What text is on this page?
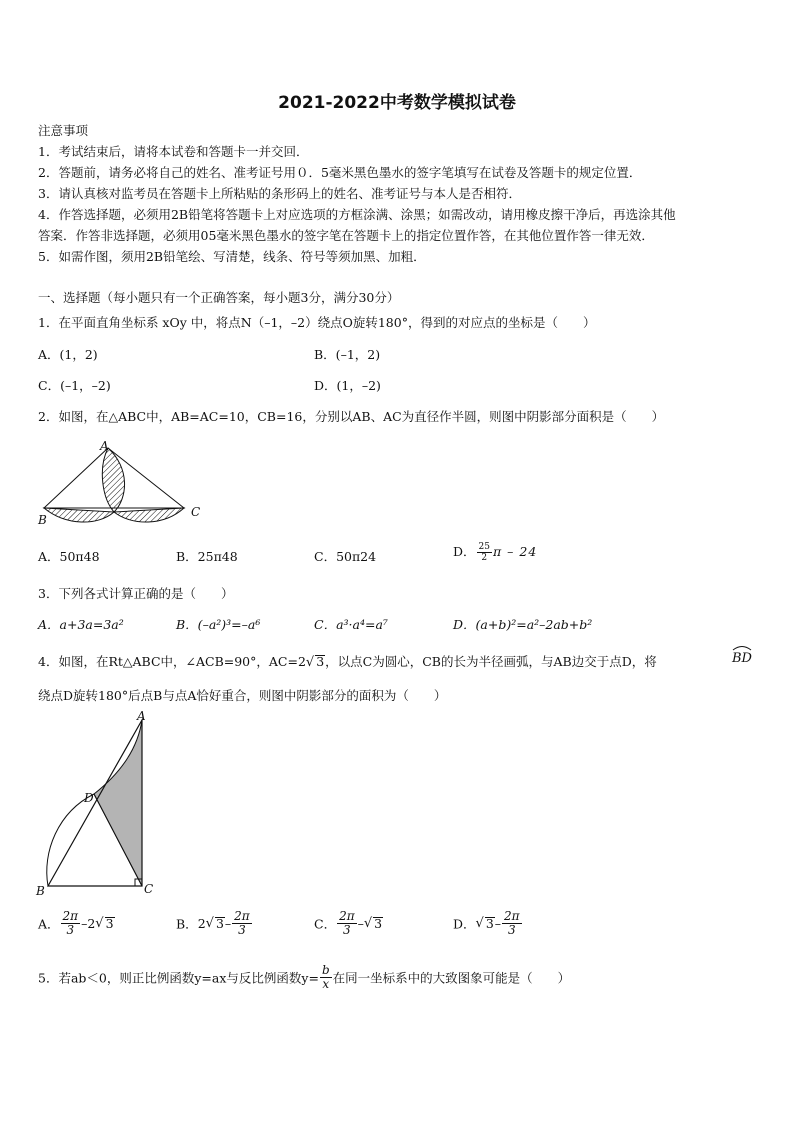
2021-2022中考数学模拟试卷
注意事项
1．考试结束后，请将本试卷和答题卡一并交回．
2．答题前，请务必将自己的姓名、准考证号用０．5毫米黑色墨水的签字笔填写在试卷及答题卡的规定位置．
3．请认真核对监考员在答题卡上所粘贴的条形码上的姓名、准考证号与本人是否相符．
4．作答选择题，必须用2B铅笔将答题卡上对应选项的方框涂满、涂黑；如需改动，请用橡皮擦干净后，再选涂其他
答案．作答非选择题，必须用05毫米黑色墨水的签字笔在答题卡上的指定位置作答，在其他位置作答一律无效．
5．如需作图，须用2B铅笔绘、写清楚，线条、符号等须加黑、加粗．
一、选择题（每小题只有一个正确答案，每小题3分，满分30分）
1．在平面直角坐标系 xOy 中，将点N（–1，–2）绕点O旋转180°，得到的对应点的坐标是（　　）
A．(1，2)	B．(–1，2)
C．(–1，–2)	D．(1，–2)
2．如图，在△ABC中，AB=AC=10，CB=16，分别以AB、AC为直径作半圆，则图中阴影部分面积是（　　）
A
B
C
A．50π48	B．25π48	C．50π24	D． $\frac{25}{2}$ π – 24
3．下列各式计算正确的是（　　）
A．a+3a=3a²	B．(–a²)³=–a⁶	C．a³·a⁴=a⁷	D．(a+b)²=a²–2ab+b²
4．如图，在Rt△ABC中，∠ACB=90°，AC=2√ 3，以点C为圆心，CB的长为半径画弧，与AB边交于点D，将	BD
绕点D旋转180°后点B与点A恰好重合，则图中阴影部分的面积为（　　）
A
D
B	C
A． $\frac{2\pi}{3} -2√$ 3	B．2√ $3- \frac{2\pi}{3}$	C． $\frac{2\pi}{3}$ –√ 3	D．√ $3- \frac{2\pi}{3}$
5．若ab＜0，则正比例函数y=ax与反比例函数$y= \frac{b}{x}$ 在同一坐标系中的大致图象可能是（　　）
